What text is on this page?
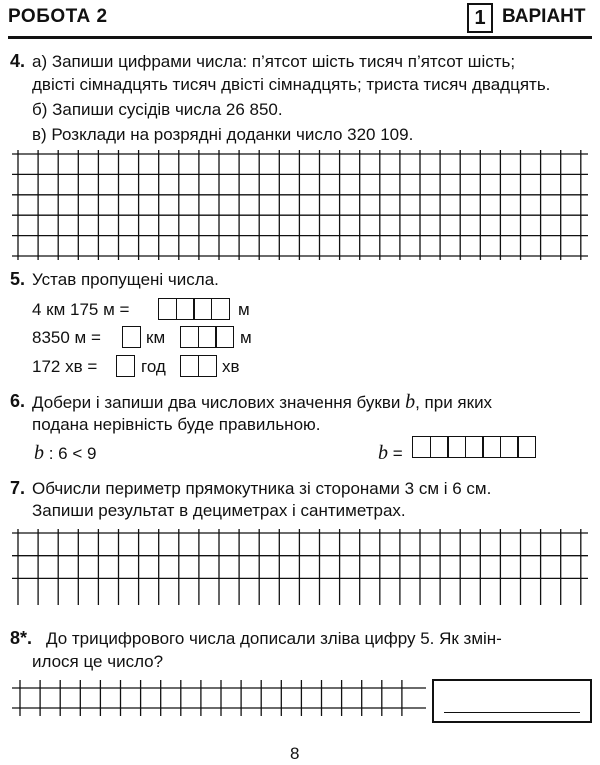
РОБОТА 2	1 ВАРІАНТ
4. а) Запиши цифрами числа: п’ятсот шість тисяч п’ятсот шість;
двісті сімнадцять тисяч двісті сімнадцять; триста тисяч двадцять.
б) Запиши сусідів числа 26 850.
в) Розклади на розрядні доданки число 320 109.
5. Устав пропущені числа.
4 км 175 м =	м
8350 м =	км	м
172 хв =	год	хв
6. Добери і запиши два числових значення букви b, при яких
подана нерівність буде правильною.
b : 6 < 9	b =
7. Обчисли периметр прямокутника зі сторонами 3 см і 6 см.
Запиши результат в дециметрах і сантиметрах.
8*. До трицифрового числа дописали зліва цифру 5. Як змін-
илося це число?
8
